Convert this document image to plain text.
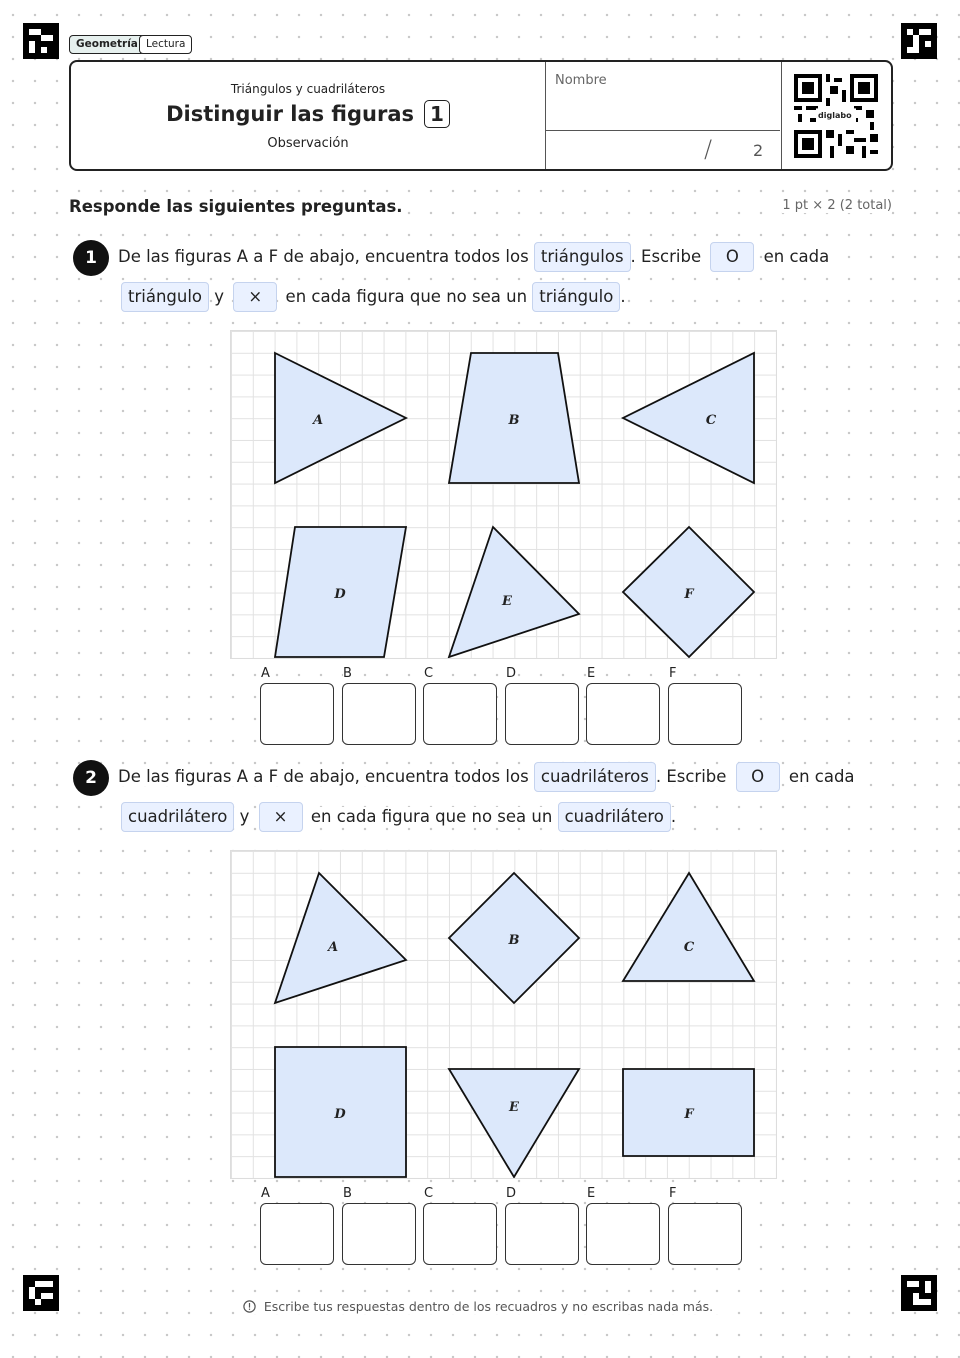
Geometría Lectura
Triángulos y cuadriláteros
Distinguir las figuras 1
Observación
Nombre
/	2
diglabo
Responde las siguientes preguntas.	1 pt × 2 (2 total)
1	De las figuras A a F de abajo, encuentra todos los triángulos . Escribe O en cada
triángulo y × en cada figura que no sea un triángulo .
A	B	C
D	E	F
A	B	C	D	E	F
2	De las figuras A a F de abajo, encuentra todos los cuadriláteros . Escribe O en cada
cuadrilátero y × en cada figura que no sea un cuadrilátero .
A	B	C
D	E	F
A	B	C	D	E	F
Escribe tus respuestas dentro de los recuadros y no escribas nada más.
